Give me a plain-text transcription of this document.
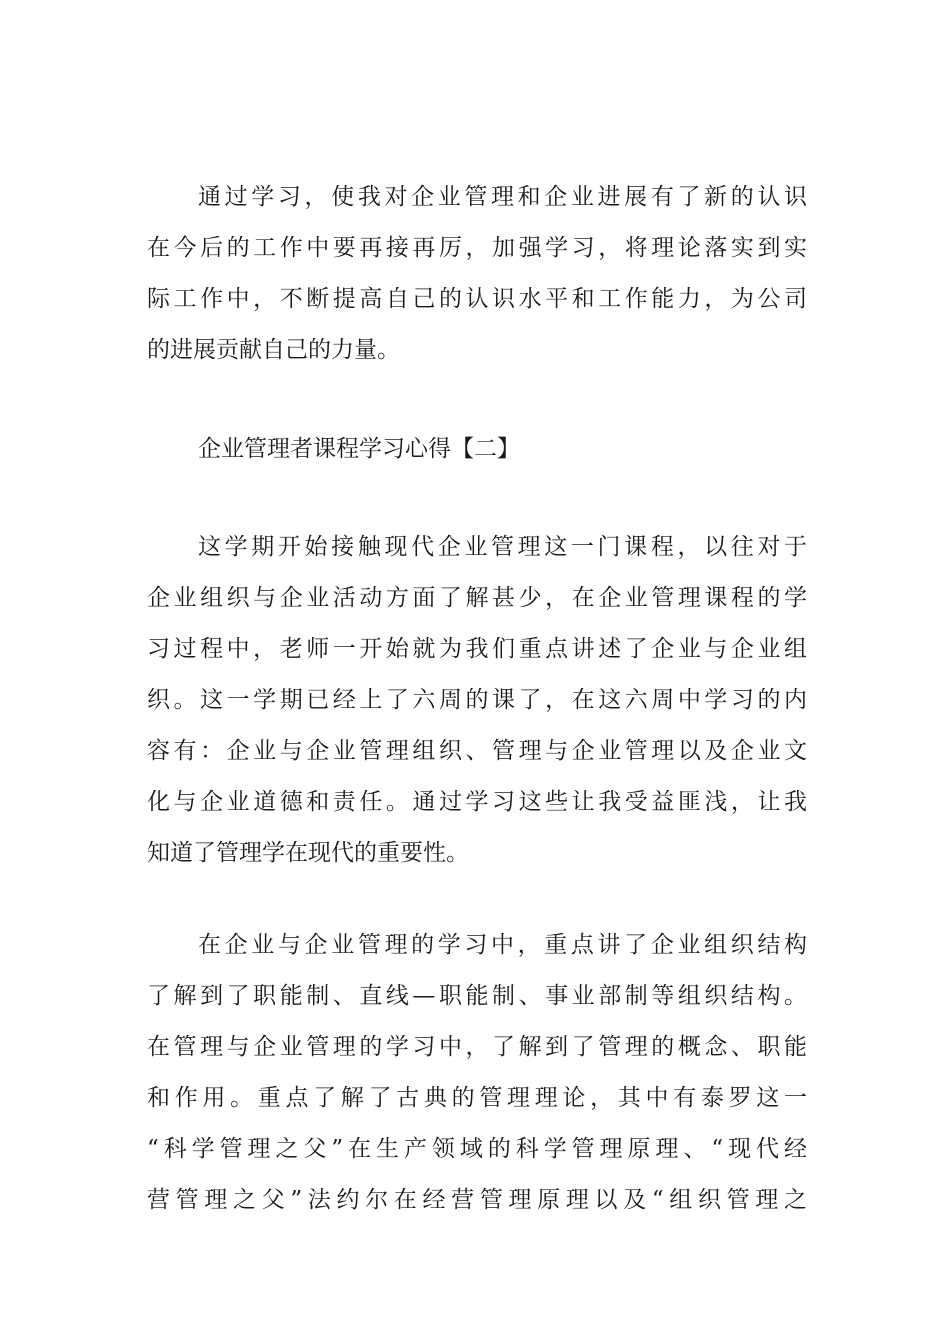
通过学习，使我对企业管理和企业进展有了新的认识
在今后的工作中要再接再厉，加强学习，将理论落实到实
际工作中，不断提高自己的认识水平和工作能力，为公司
的进展贡献自己的力量。

企业管理者课程学习心得【二】

这学期开始接触现代企业管理这一门课程，以往对于
企业组织与企业活动方面了解甚少，在企业管理课程的学
习过程中，老师一开始就为我们重点讲述了企业与企业组
织。这一学期已经上了六周的课了，在这六周中学习的内
容有：企业与企业管理组织、管理与企业管理以及企业文
化与企业道德和责任。通过学习这些让我受益匪浅，让我
知道了管理学在现代的重要性。
在企业与企业管理的学习中，重点讲了企业组织结构
了解到了职能制、直线—职能制、事业部制等组织结构。
在管理与企业管理的学习中，了解到了管理的概念、职能
和作用。重点了解了古典的管理理论，其中有泰罗这一
“科学管理之父”在生产领域的科学管理原理、“现代经
营管理之父”法约尔在经营管理原理以及“组织管理之
